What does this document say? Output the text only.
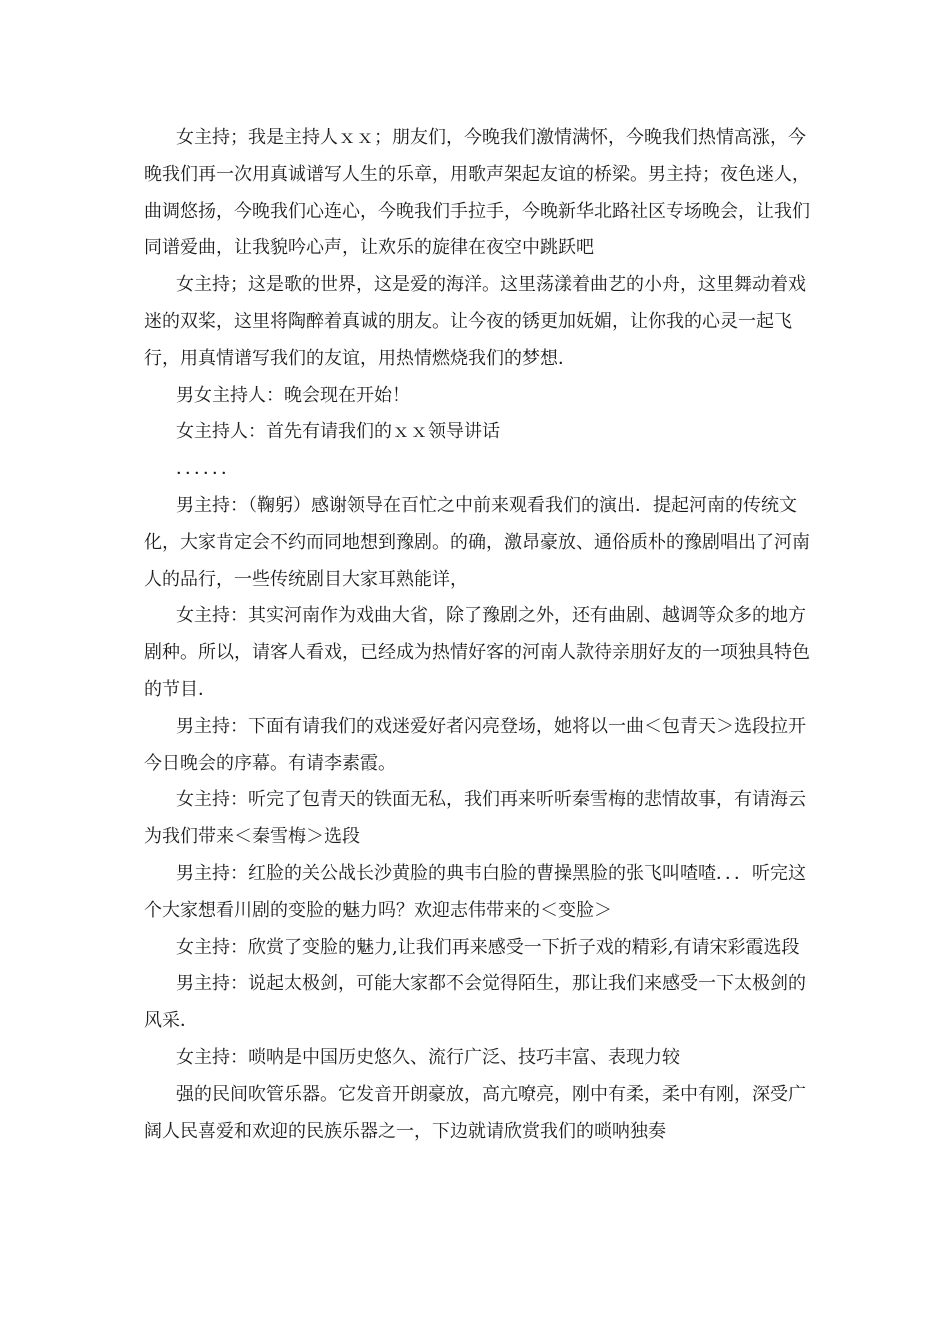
女主持；我是主持人ｘｘ；朋友们，今晚我们激情满怀，今晚我们热情高涨，今晚我们再一次用真诚谱写人生的乐章，用歌声架起友谊的桥梁。男主持；夜色迷人，曲调悠扬，今晚我们心连心，今晚我们手拉手，今晚新华北路社区专场晚会，让我们同谱爱曲，让我貌吟心声，让欢乐的旋律在夜空中跳跃吧

女主持；这是歌的世界，这是爱的海洋。这里荡漾着曲艺的小舟，这里舞动着戏迷的双桨，这里将陶醉着真诚的朋友。让今夜的锈更加妩媚，让你我的心灵一起飞行，用真情谱写我们的友谊，用热情燃烧我们的梦想．

男女主持人：晚会现在开始！

女主持人：首先有请我们的ｘｘ领导讲话

．．．．．．

男主持：（鞠躬）感谢领导在百忙之中前来观看我们的演出．提起河南的传统文化，大家肯定会不约而同地想到豫剧。的确，激昂豪放、通俗质朴的豫剧唱出了河南人的品行，一些传统剧目大家耳熟能详，

女主持：其实河南作为戏曲大省，除了豫剧之外，还有曲剧、越调等众多的地方剧种。所以，请客人看戏，已经成为热情好客的河南人款待亲朋好友的一项独具特色的节目．

男主持：下面有请我们的戏迷爱好者闪亮登场，她将以一曲＜包青天＞选段拉开今日晚会的序幕。有请李素霞。

女主持：听完了包青天的铁面无私，我们再来听听秦雪梅的悲情故事，有请海云为我们带来＜秦雪梅＞选段

男主持：红脸的关公战长沙黄脸的典韦白脸的曹操黑脸的张飞叫喳喳．．．听完这个大家想看川剧的变脸的魅力吗？欢迎志伟带来的＜变脸＞

女主持：欣赏了变脸的魅力,让我们再来感受一下折子戏的精彩,有请宋彩霞选段

男主持：说起太极剑，可能大家都不会觉得陌生，那让我们来感受一下太极剑的风采．

女主持：唢呐是中国历史悠久、流行广泛、技巧丰富、表现力较

强的民间吹管乐器。它发音开朗豪放，高亢嘹亮，刚中有柔，柔中有刚，深受广阔人民喜爱和欢迎的民族乐器之一，下边就请欣赏我们的唢呐独奏
